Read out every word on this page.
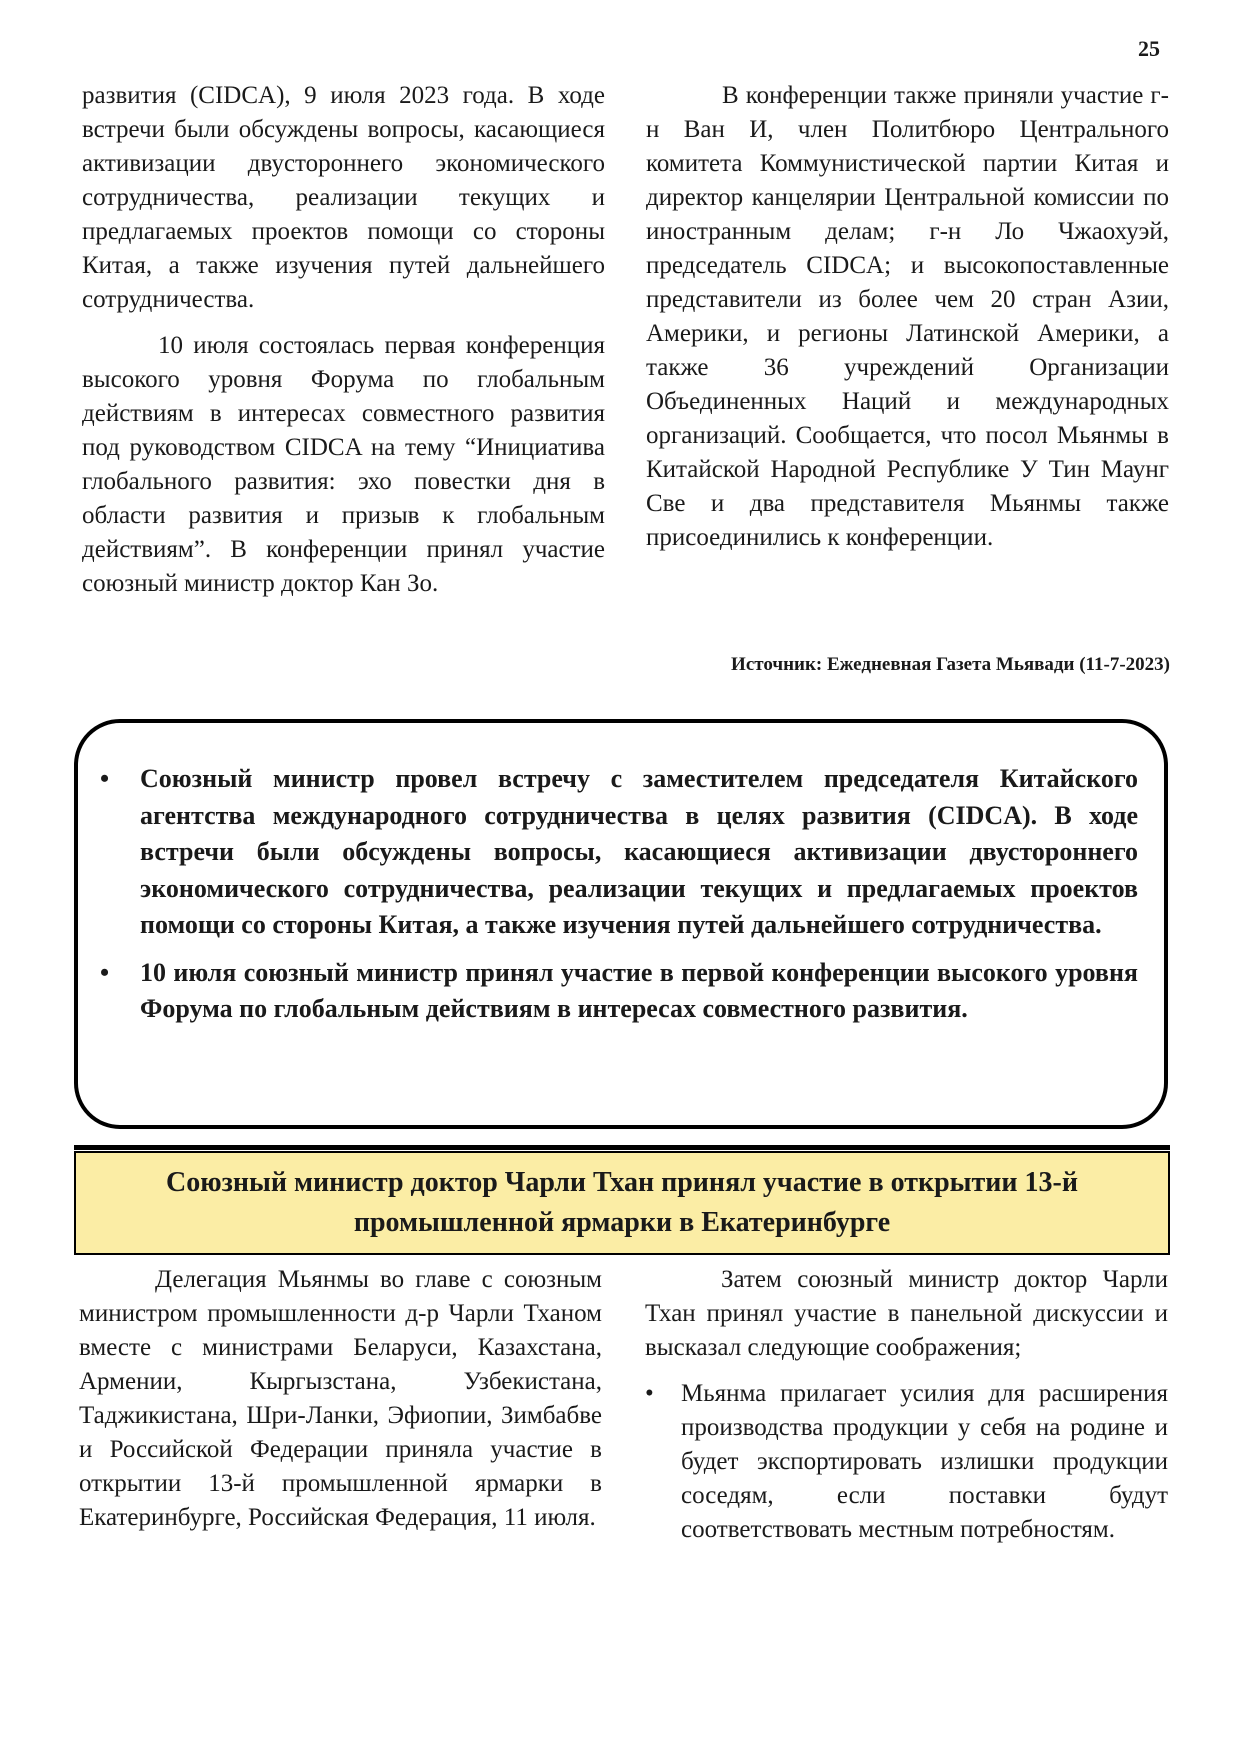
25

развития (CIDCA), 9 июля 2023 года. В ходе встречи были обсуждены вопросы, касающиеся активизации двустороннего экономического сотрудничества, реализации текущих и предлагаемых проектов помощи со стороны Китая, а также изучения путей дальнейшего сотрудничества.

10 июля состоялась первая конференция высокого уровня Форума по глобальным действиям в интересах совместного развития под руководством CIDCA на тему “Инициатива глобального развития: эхо повестки дня в области развития и призыв к глобальным действиям”. В конференции принял участие союзный министр доктор Кан Зо.

В конференции также приняли участие г-н Ван И, член Политбюро Центрального комитета Коммунистической партии Китая и директор канцелярии Центральной комиссии по иностранным делам; г-н Ло Чжаохуэй, председатель CIDCA; и высокопоставленные представители из более чем 20 стран Азии, Америки, и регионы Латинской Америки, а также 36 учреждений Организации Объединенных Наций и международных организаций. Сообщается, что посол Мьянмы в Китайской Народной Республике У Тин Маунг Све и два представителя Мьянмы также присоединились к конференции.

Источник: Ежедневная Газета Мьявади (11-7-2023)
• Союзный министр провел встречу с заместителем председателя Китайского агентства международного сотрудничества в целях развития (CIDCA). В ходе встречи были обсуждены вопросы, касающиеся активизации двустороннего экономического сотрудничества, реализации текущих и предлагаемых проектов помощи со стороны Китая, а также изучения путей дальнейшего сотрудничества.
• 10 июля союзный министр принял участие в первой конференции высокого уровня Форума по глобальным действиям в интересах совместного развития.
Союзный министр доктор Чарли Тхан принял участие в открытии 13-й промышленной ярмарки в Екатеринбурге

Делегация Мьянмы во главе с союзным министром промышленности д-р Чарли Тханом вместе с министрами Беларуси, Казахстана, Армении, Кыргызстана, Узбекистана, Таджикистана, Шри-Ланки, Эфиопии, Зимбабве и Российской Федерации приняла участие в открытии 13-й промышленной ярмарки в Екатеринбурге, Российская Федерация, 11 июля.

Затем союзный министр доктор Чарли Тхан принял участие в панельной дискуссии и высказал следующие соображения;

• Мьянма прилагает усилия для расширения производства продукции у себя на родине и будет экспортировать излишки продукции соседям, если поставки будут соответствовать местным потребностям.
